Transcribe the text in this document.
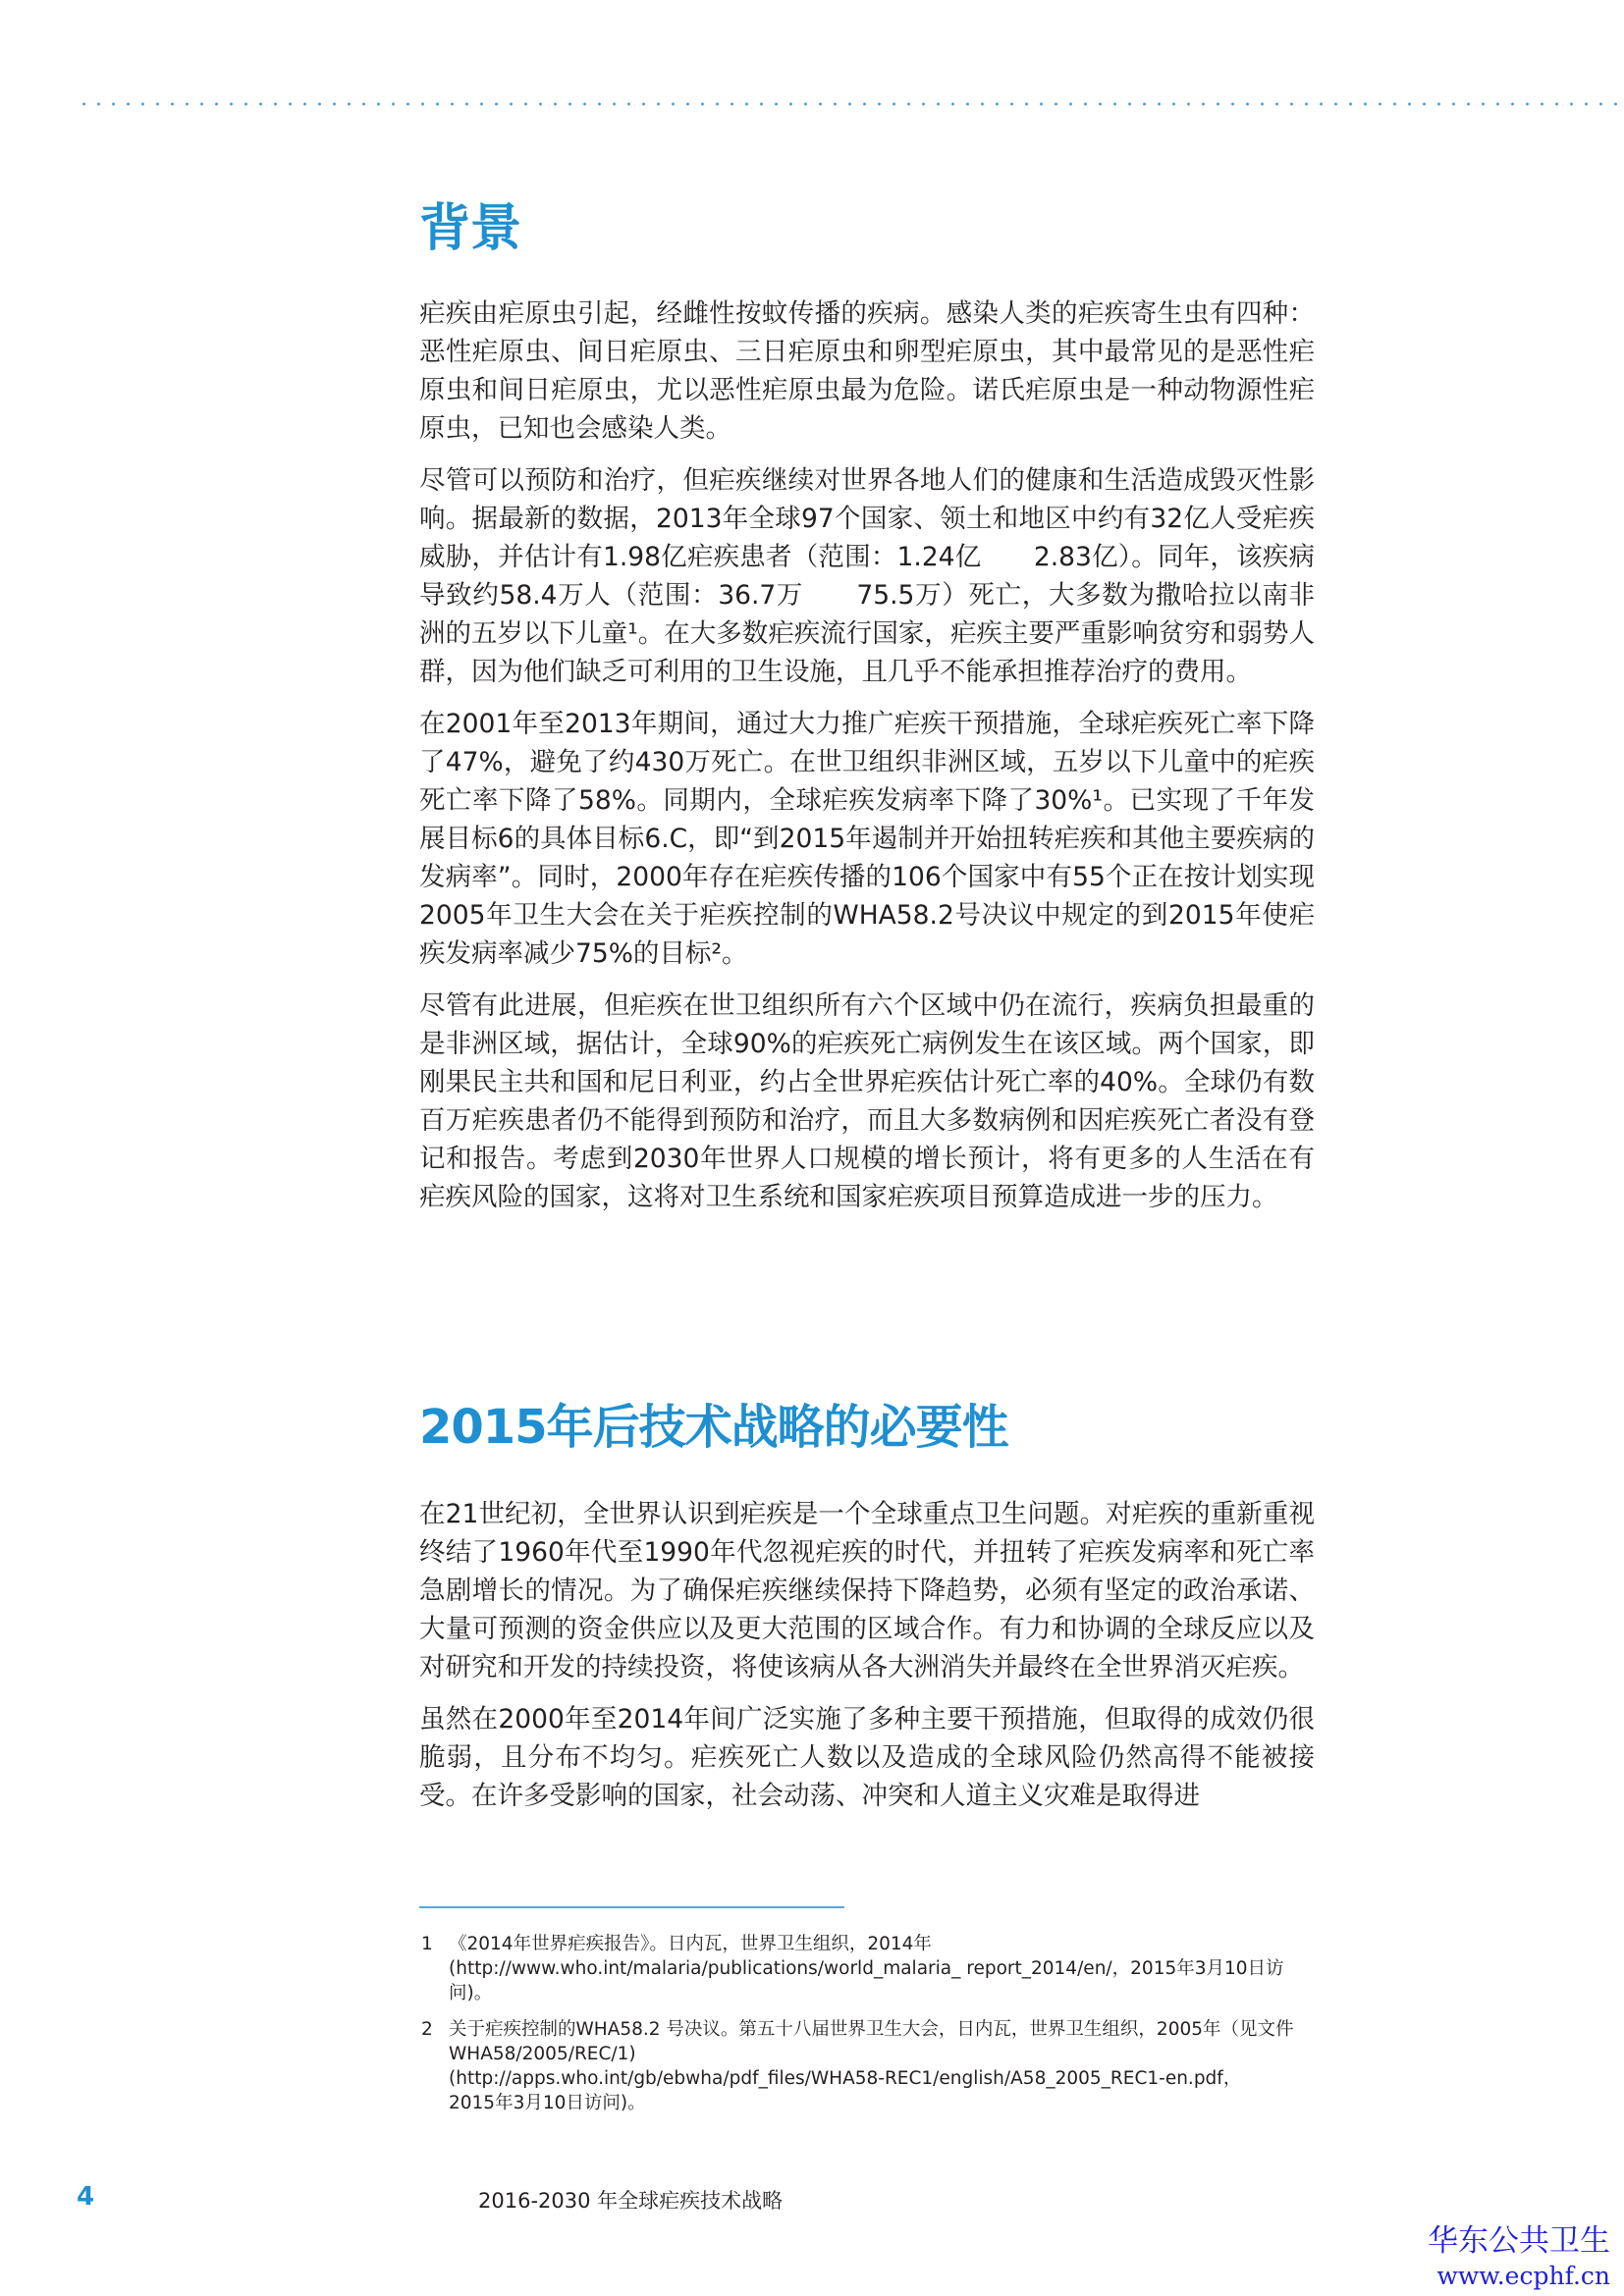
背景

疟疾由疟原虫引起，经雌性按蚊传播的疾病。感染人类的疟疾寄生虫有四种：恶性疟原虫、间日疟原虫、三日疟原虫和卵型疟原虫，其中最常见的是恶性疟原虫和间日疟原虫，尤以恶性疟原虫最为危险。诺氏疟原虫是一种动物源性疟原虫，已知也会感染人类。

尽管可以预防和治疗，但疟疾继续对世界各地人们的健康和生活造成毁灭性影响。据最新的数据，2013年全球97个国家、领土和地区中约有32亿人受疟疾威胁，并估计有1.98亿疟疾患者（范围：1.24亿　　2.83亿）。同年，该疾病导致约58.4万人（范围：36.7万　　75.5万）死亡，大多数为撒哈拉以南非洲的五岁以下儿童¹。在大多数疟疾流行国家，疟疾主要严重影响贫穷和弱势人群，因为他们缺乏可利用的卫生设施，且几乎不能承担推荐治疗的费用。

在2001年至2013年期间，通过大力推广疟疾干预措施，全球疟疾死亡率下降了47%，避免了约430万死亡。在世卫组织非洲区域，五岁以下儿童中的疟疾死亡率下降了58%。同期内，全球疟疾发病率下降了30%¹。已实现了千年发展目标6的具体目标6.C，即“到2015年遏制并开始扭转疟疾和其他主要疾病的发病率”。同时，2000年存在疟疾传播的106个国家中有55个正在按计划实现2005年卫生大会在关于疟疾控制的WHA58.2号决议中规定的到2015年使疟疾发病率减少75%的目标²。

尽管有此进展，但疟疾在世卫组织所有六个区域中仍在流行，疾病负担最重的是非洲区域，据估计，全球90%的疟疾死亡病例发生在该区域。两个国家，即刚果民主共和国和尼日利亚，约占全世界疟疾估计死亡率的40%。全球仍有数百万疟疾患者仍不能得到预防和治疗，而且大多数病例和因疟疾死亡者没有登记和报告。考虑到2030年世界人口规模的增长预计，将有更多的人生活在有疟疾风险的国家，这将对卫生系统和国家疟疾项目预算造成进一步的压力。

2015年后技术战略的必要性

在21世纪初，全世界认识到疟疾是一个全球重点卫生问题。对疟疾的重新重视终结了1960年代至1990年代忽视疟疾的时代，并扭转了疟疾发病率和死亡率急剧增长的情况。为了确保疟疾继续保持下降趋势，必须有坚定的政治承诺、大量可预测的资金供应以及更大范围的区域合作。有力和协调的全球反应以及对研究和开发的持续投资，将使该病从各大洲消失并最终在全世界消灭疟疾。

虽然在2000年至2014年间广泛实施了多种主要干预措施，但取得的成效仍很脆弱，且分布不均匀。疟疾死亡人数以及造成的全球风险仍然高得不能被接受。在许多受影响的国家，社会动荡、冲突和人道主义灾难是取得进

1 《2014年世界疟疾报告》。日内瓦，世界卫生组织，2014年
(http://www.who.int/malaria/publications/world_malaria_ report_2014/en/，2015年3月10日访问)。
2 关于疟疾控制的WHA58.2 号决议。第五十八届世界卫生大会，日内瓦，世界卫生组织，2005年（见文件WHA58/2005/REC/1)
(http://apps.who.int/gb/ebwha/pdf_files/WHA58-REC1/english/A58_2005_REC1-en.pdf，
2015年3月10日访问)。
4	2016-2030 年全球疟疾技术战略
华东公共卫生
www.ecphf.cn
